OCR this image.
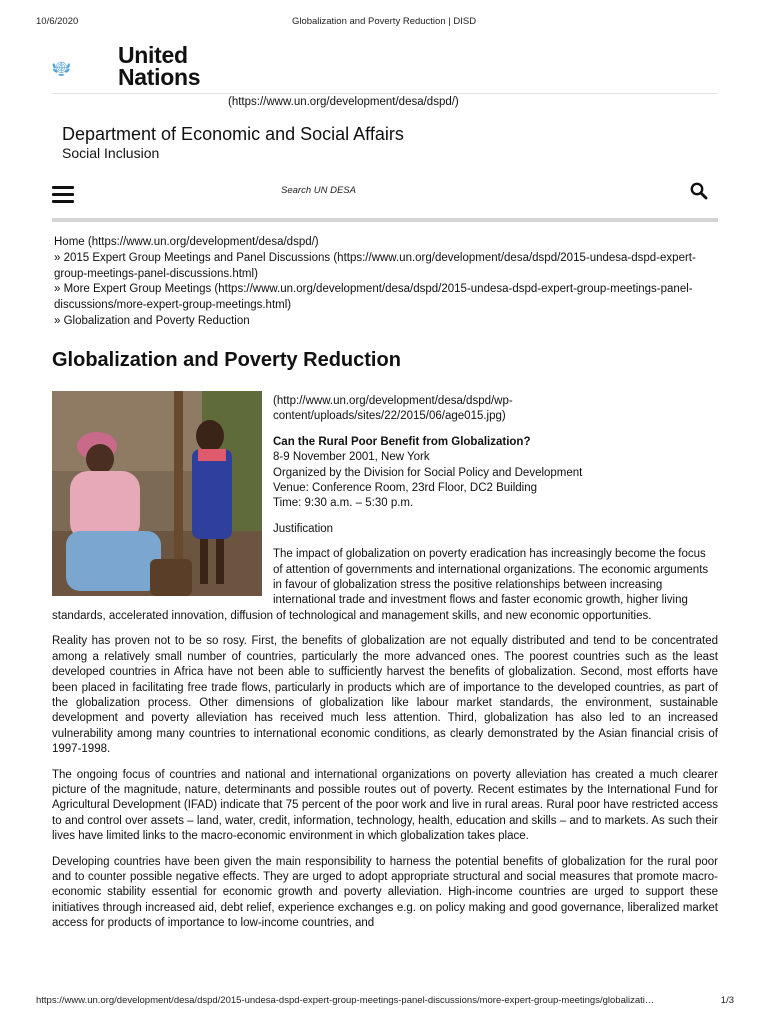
10/6/2020	Globalization and Poverty Reduction | DISD
United
Nations
(https://www.un.org/development/desa/dspd/)
Department of Economic and Social Affairs
Social Inclusion
Search UN DESA
Home (https://www.un.org/development/desa/dspd/)
» 2015 Expert Group Meetings and Panel Discussions (https://www.un.org/development/desa/dspd/2015-undesa-dspd-expert-group-meetings-panel-discussions.html)
» More Expert Group Meetings (https://www.un.org/development/desa/dspd/2015-undesa-dspd-expert-group-meetings-panel-discussions/more-expert-group-meetings.html)
» Globalization and Poverty Reduction
Globalization and Poverty Reduction

(http://www.un.org/development/desa/dspd/wp-content/uploads/sites/22/2015/06/age015.jpg)

Can the Rural Poor Benefit from Globalization?
8-9 November 2001, New York
Organized by the Division for Social Policy and Development
Venue: Conference Room, 23rd Floor, DC2 Building
Time: 9:30 a.m. – 5:30 p.m.

Justification

The impact of globalization on poverty eradication has increasingly become the focus of attention of governments and international organizations. The economic arguments in favour of globalization stress the positive relationships between increasing international trade and investment flows and faster economic growth, higher living standards, accelerated innovation, diffusion of technological and management skills, and new economic opportunities.

Reality has proven not to be so rosy. First, the benefits of globalization are not equally distributed and tend to be concentrated among a relatively small number of countries, particularly the more advanced ones. The poorest countries such as the least developed countries in Africa have not been able to sufficiently harvest the benefits of globalization. Second, most efforts have been placed in facilitating free trade flows, particularly in products which are of importance to the developed countries, as part of the globalization process. Other dimensions of globalization like labour market standards, the environment, sustainable development and poverty alleviation has received much less attention. Third, globalization has also led to an increased vulnerability among many countries to international economic conditions, as clearly demonstrated by the Asian financial crisis of 1997-1998.

The ongoing focus of countries and national and international organizations on poverty alleviation has created a much clearer picture of the magnitude, nature, determinants and possible routes out of poverty. Recent estimates by the International Fund for Agricultural Development (IFAD) indicate that 75 percent of the poor work and live in rural areas. Rural poor have restricted access to and control over assets – land, water, credit, information, technology, health, education and skills – and to markets. As such their lives have limited links to the macro-economic environment in which globalization takes place.

Developing countries have been given the main responsibility to harness the potential benefits of globalization for the rural poor and to counter possible negative effects. They are urged to adopt appropriate structural and social measures that promote macro-economic stability essential for economic growth and poverty alleviation. High-income countries are urged to support these initiatives through increased aid, debt relief, experience exchanges e.g. on policy making and good governance, liberalized market access for products of importance to low-income countries, and

https://www.un.org/development/desa/dspd/2015-undesa-dspd-expert-group-meetings-panel-discussions/more-expert-group-meetings/globalizati…	1/3
